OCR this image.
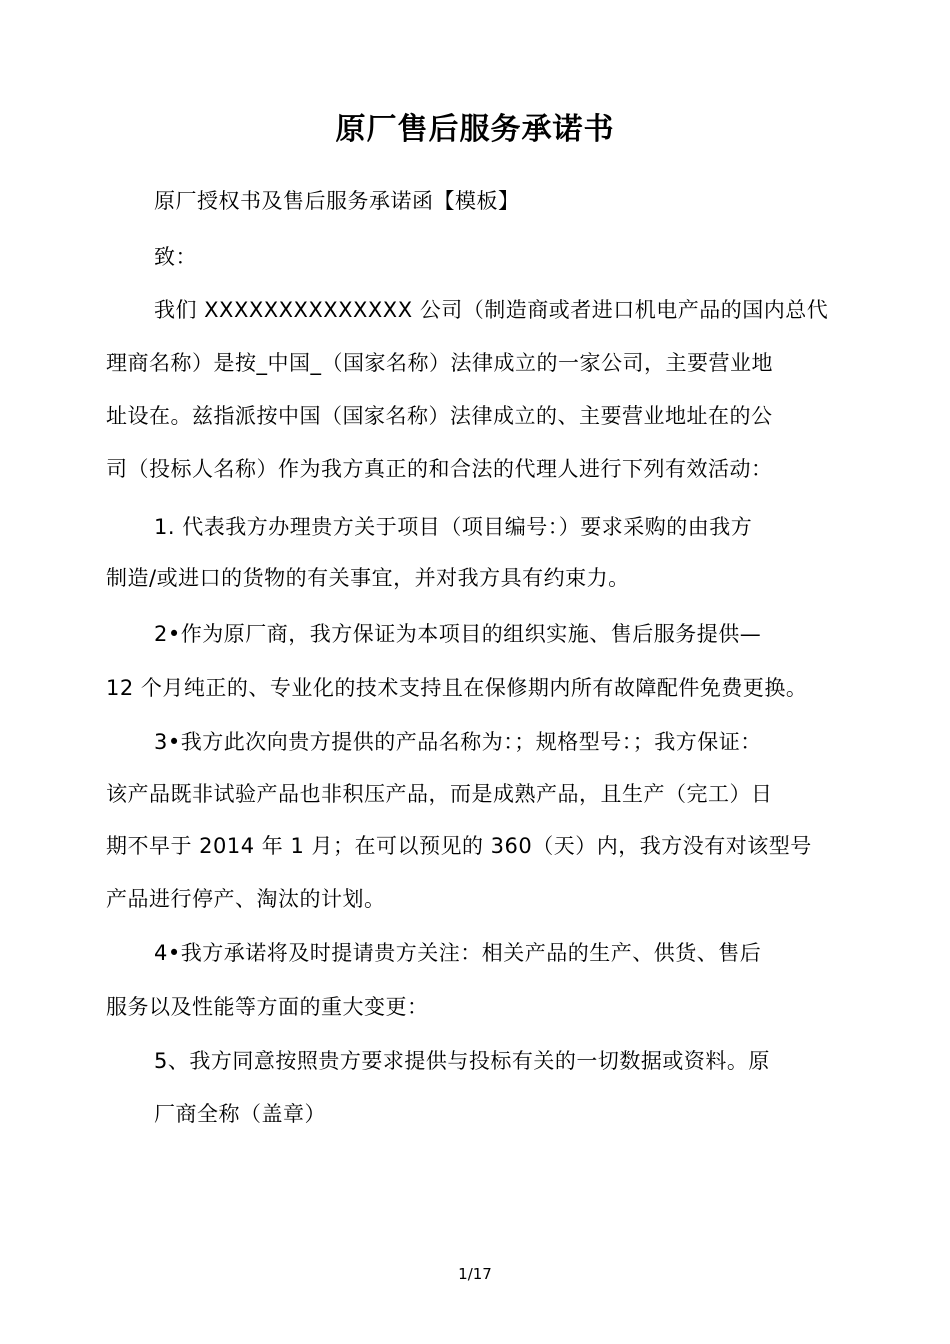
原厂售后服务承诺书
原厂授权书及售后服务承诺函【模板】
致：
我们 XXXXXXXXXXXXXX 公司（制造商或者进口机电产品的国内总代
理商名称）是按_中国_（国家名称）法律成立的一家公司，主要营业地
址设在。兹指派按中国（国家名称）法律成立的、主要营业地址在的公
司（投标人名称）作为我方真正的和合法的代理人进行下列有效活动：
1. 代表我方办理贵方关于项目（项目编号：）要求采购的由我方
制造/或进口的货物的有关事宜，并对我方具有约束力。
2•作为原厂商，我方保证为本项目的组织实施、售后服务提供—
12 个月纯正的、专业化的技术支持且在保修期内所有故障配件免费更换。
3•我方此次向贵方提供的产品名称为：；规格型号：；我方保证：
该产品既非试验产品也非积压产品，而是成熟产品，且生产（完工）日
期不早于 2014 年 1 月；在可以预见的 360（天）内，我方没有对该型号
产品进行停产、淘汰的计划。
4•我方承诺将及时提请贵方关注：相关产品的生产、供货、售后
服务以及性能等方面的重大变更：
5、我方同意按照贵方要求提供与投标有关的一切数据或资料。原
厂商全称（盖章）
1/17
